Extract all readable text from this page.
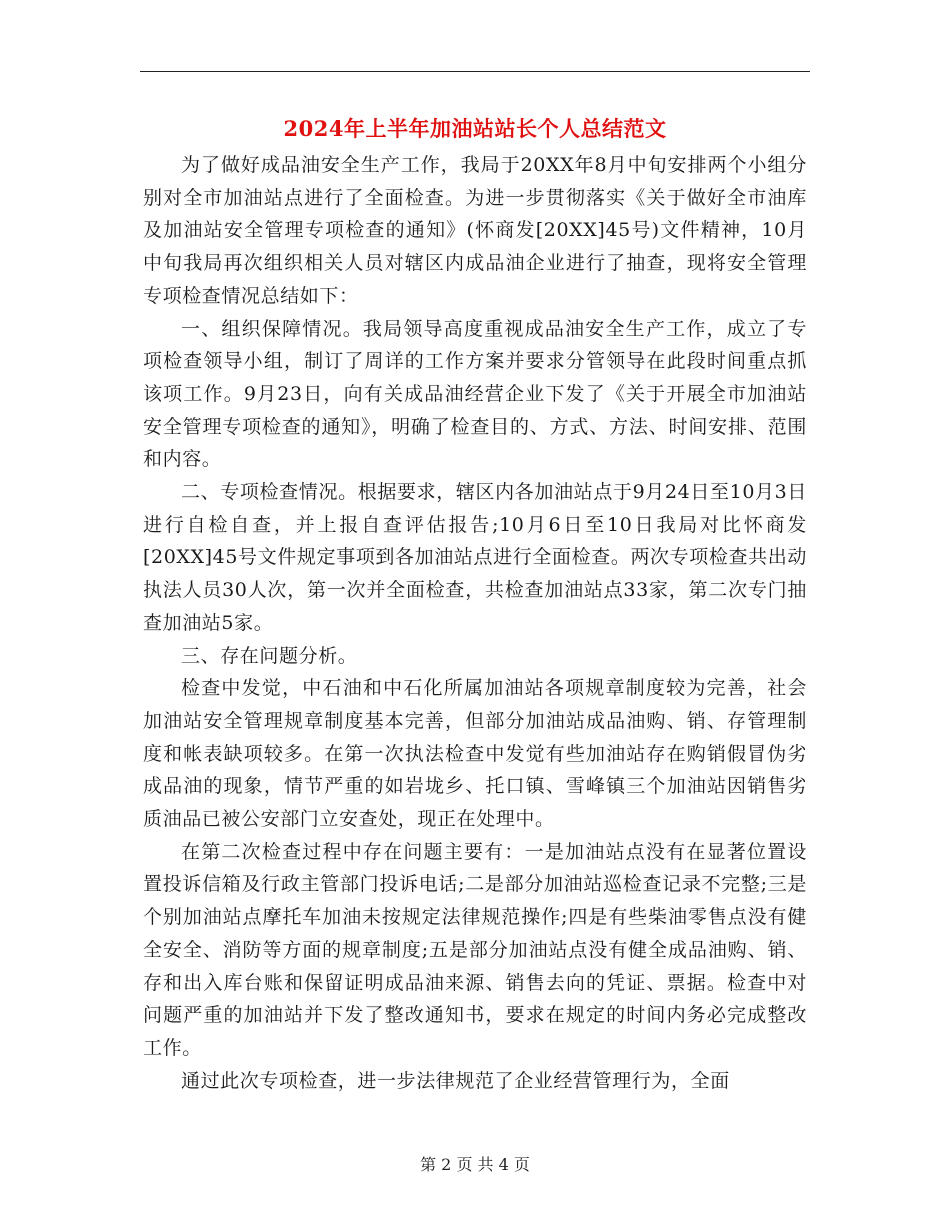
2024年上半年加油站站长个人总结范文

为了做好成品油安全生产工作，我局于20XX年8月中旬安排两个小组分别对全市加油站点进行了全面检查。为进一步贯彻落实《关于做好全市油库及加油站安全管理专项检查的通知》(怀商发[20XX]45号)文件精神，10月中旬我局再次组织相关人员对辖区内成品油企业进行了抽查，现将安全管理专项检查情况总结如下：

一、组织保障情况。我局领导高度重视成品油安全生产工作，成立了专项检查领导小组，制订了周详的工作方案并要求分管领导在此段时间重点抓该项工作。9月23日，向有关成品油经营企业下发了《关于开展全市加油站安全管理专项检查的通知》，明确了检查目的、方式、方法、时间安排、范围和内容。

二、专项检查情况。根据要求，辖区内各加油站点于9月24日至10月3日进行自检自查，并上报自查评估报告;10月6日至10日我局对比怀商发[20XX]45号文件规定事项到各加油站点进行全面检查。两次专项检查共出动执法人员30人次，第一次并全面检查，共检查加油站点33家，第二次专门抽查加油站5家。

三、存在问题分析。

检查中发觉，中石油和中石化所属加油站各项规章制度较为完善，社会加油站安全管理规章制度基本完善，但部分加油站成品油购、销、存管理制度和帐表缺项较多。在第一次执法检查中发觉有些加油站存在购销假冒伪劣成品油的现象，情节严重的如岩垅乡、托口镇、雪峰镇三个加油站因销售劣质油品已被公安部门立安查处，现正在处理中。

在第二次检查过程中存在问题主要有：一是加油站点没有在显著位置设置投诉信箱及行政主管部门投诉电话;二是部分加油站巡检查记录不完整;三是个别加油站点摩托车加油未按规定法律规范操作;四是有些柴油零售点没有健全安全、消防等方面的规章制度;五是部分加油站点没有健全成品油购、销、存和出入库台账和保留证明成品油来源、销售去向的凭证、票据。检查中对问题严重的加油站并下发了整改通知书，要求在规定的时间内务必完成整改工作。

通过此次专项检查，进一步法律规范了企业经营管理行为，全面

第 2 页 共 4 页
